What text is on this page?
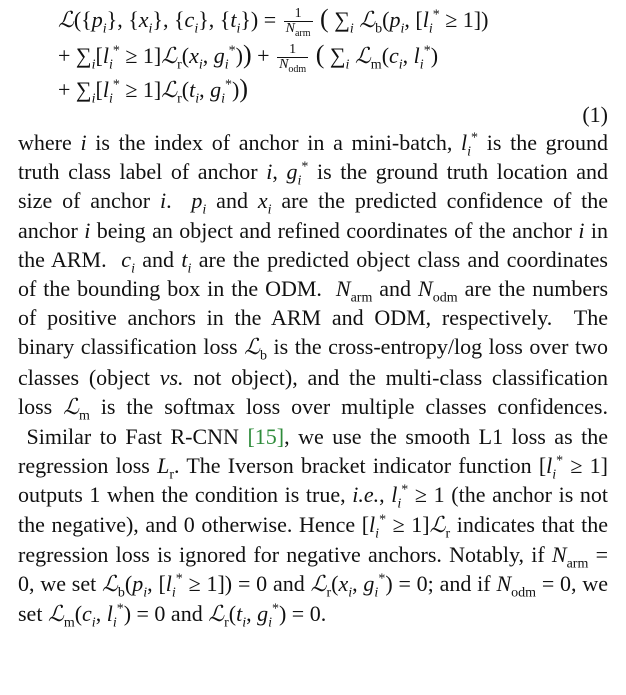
$ℒ(\{p_i\}$, $\{x_i\}$, $\{c_i\}$, $\{t_i\}) = \frac{1}{N_{arm}}$ ( $\sum_i$ $ℒ_b(p_i$, $[l_i^* \ge 1]$)
+ $\sum_i[l_i^*$ ≥ $1]ℒ_r(x_i$, $g_i^*)) + \frac{1}{N_{odm}}$ ( $\sum_i$ $ℒ_m(c_i$, $l_i^*$)
+ $\sum_i[l_i^*$ ≥ $1]ℒ_r(t_i$, $g_i^*$))
(1)

where i is the index of anchor in a mini-batch, $l_i^*$ is the ground truth class label of anchor i, $g_i^*$ is the ground truth location and size of anchor i.  $p_i$ and $x_i$ are the predicted confidence of the anchor i being an object and refined coordinates of the anchor i in the ARM.  $c_i$ and $t_i$ are the predicted object class and coordinates of the bounding box in the ODM.  $N_{arm}$ and $N_{odm}$ are the numbers of positive anchors in the ARM and ODM, respectively.  The binary classification loss ℒ$_b$ is the cross-entropy/log loss over two classes (object vs. not object), and the multi-class classification loss ℒ$_m$ is the softmax loss over multiple classes confidences.  Similar to Fast R-CNN [15], we use the smooth L1 loss as the regression loss $L_r$. The Iverson bracket indicator function $[l_i^* \ge 1]$ outputs 1 when the condition is true, i.e., $l_i^* \ge 1$ (the anchor is not the negative), and 0 otherwise. Hence [$l_i^*$ ≥ 1]ℒ$_r$ indicates that the regression loss is ignored for negative anchors. Notably, if $N_{arm} = 0$, we set $ℒ_b(p_i$, $[l_i^* \ge 1]) = 0$ and $ℒ_r(x_i$, $g_i^*) = 0$; and if $N_{odm} = 0$, we set $ℒ_m(c_i$, $l_i^*) = 0$ and $ℒ_r(t_i$, $g_i^*) = 0$.
